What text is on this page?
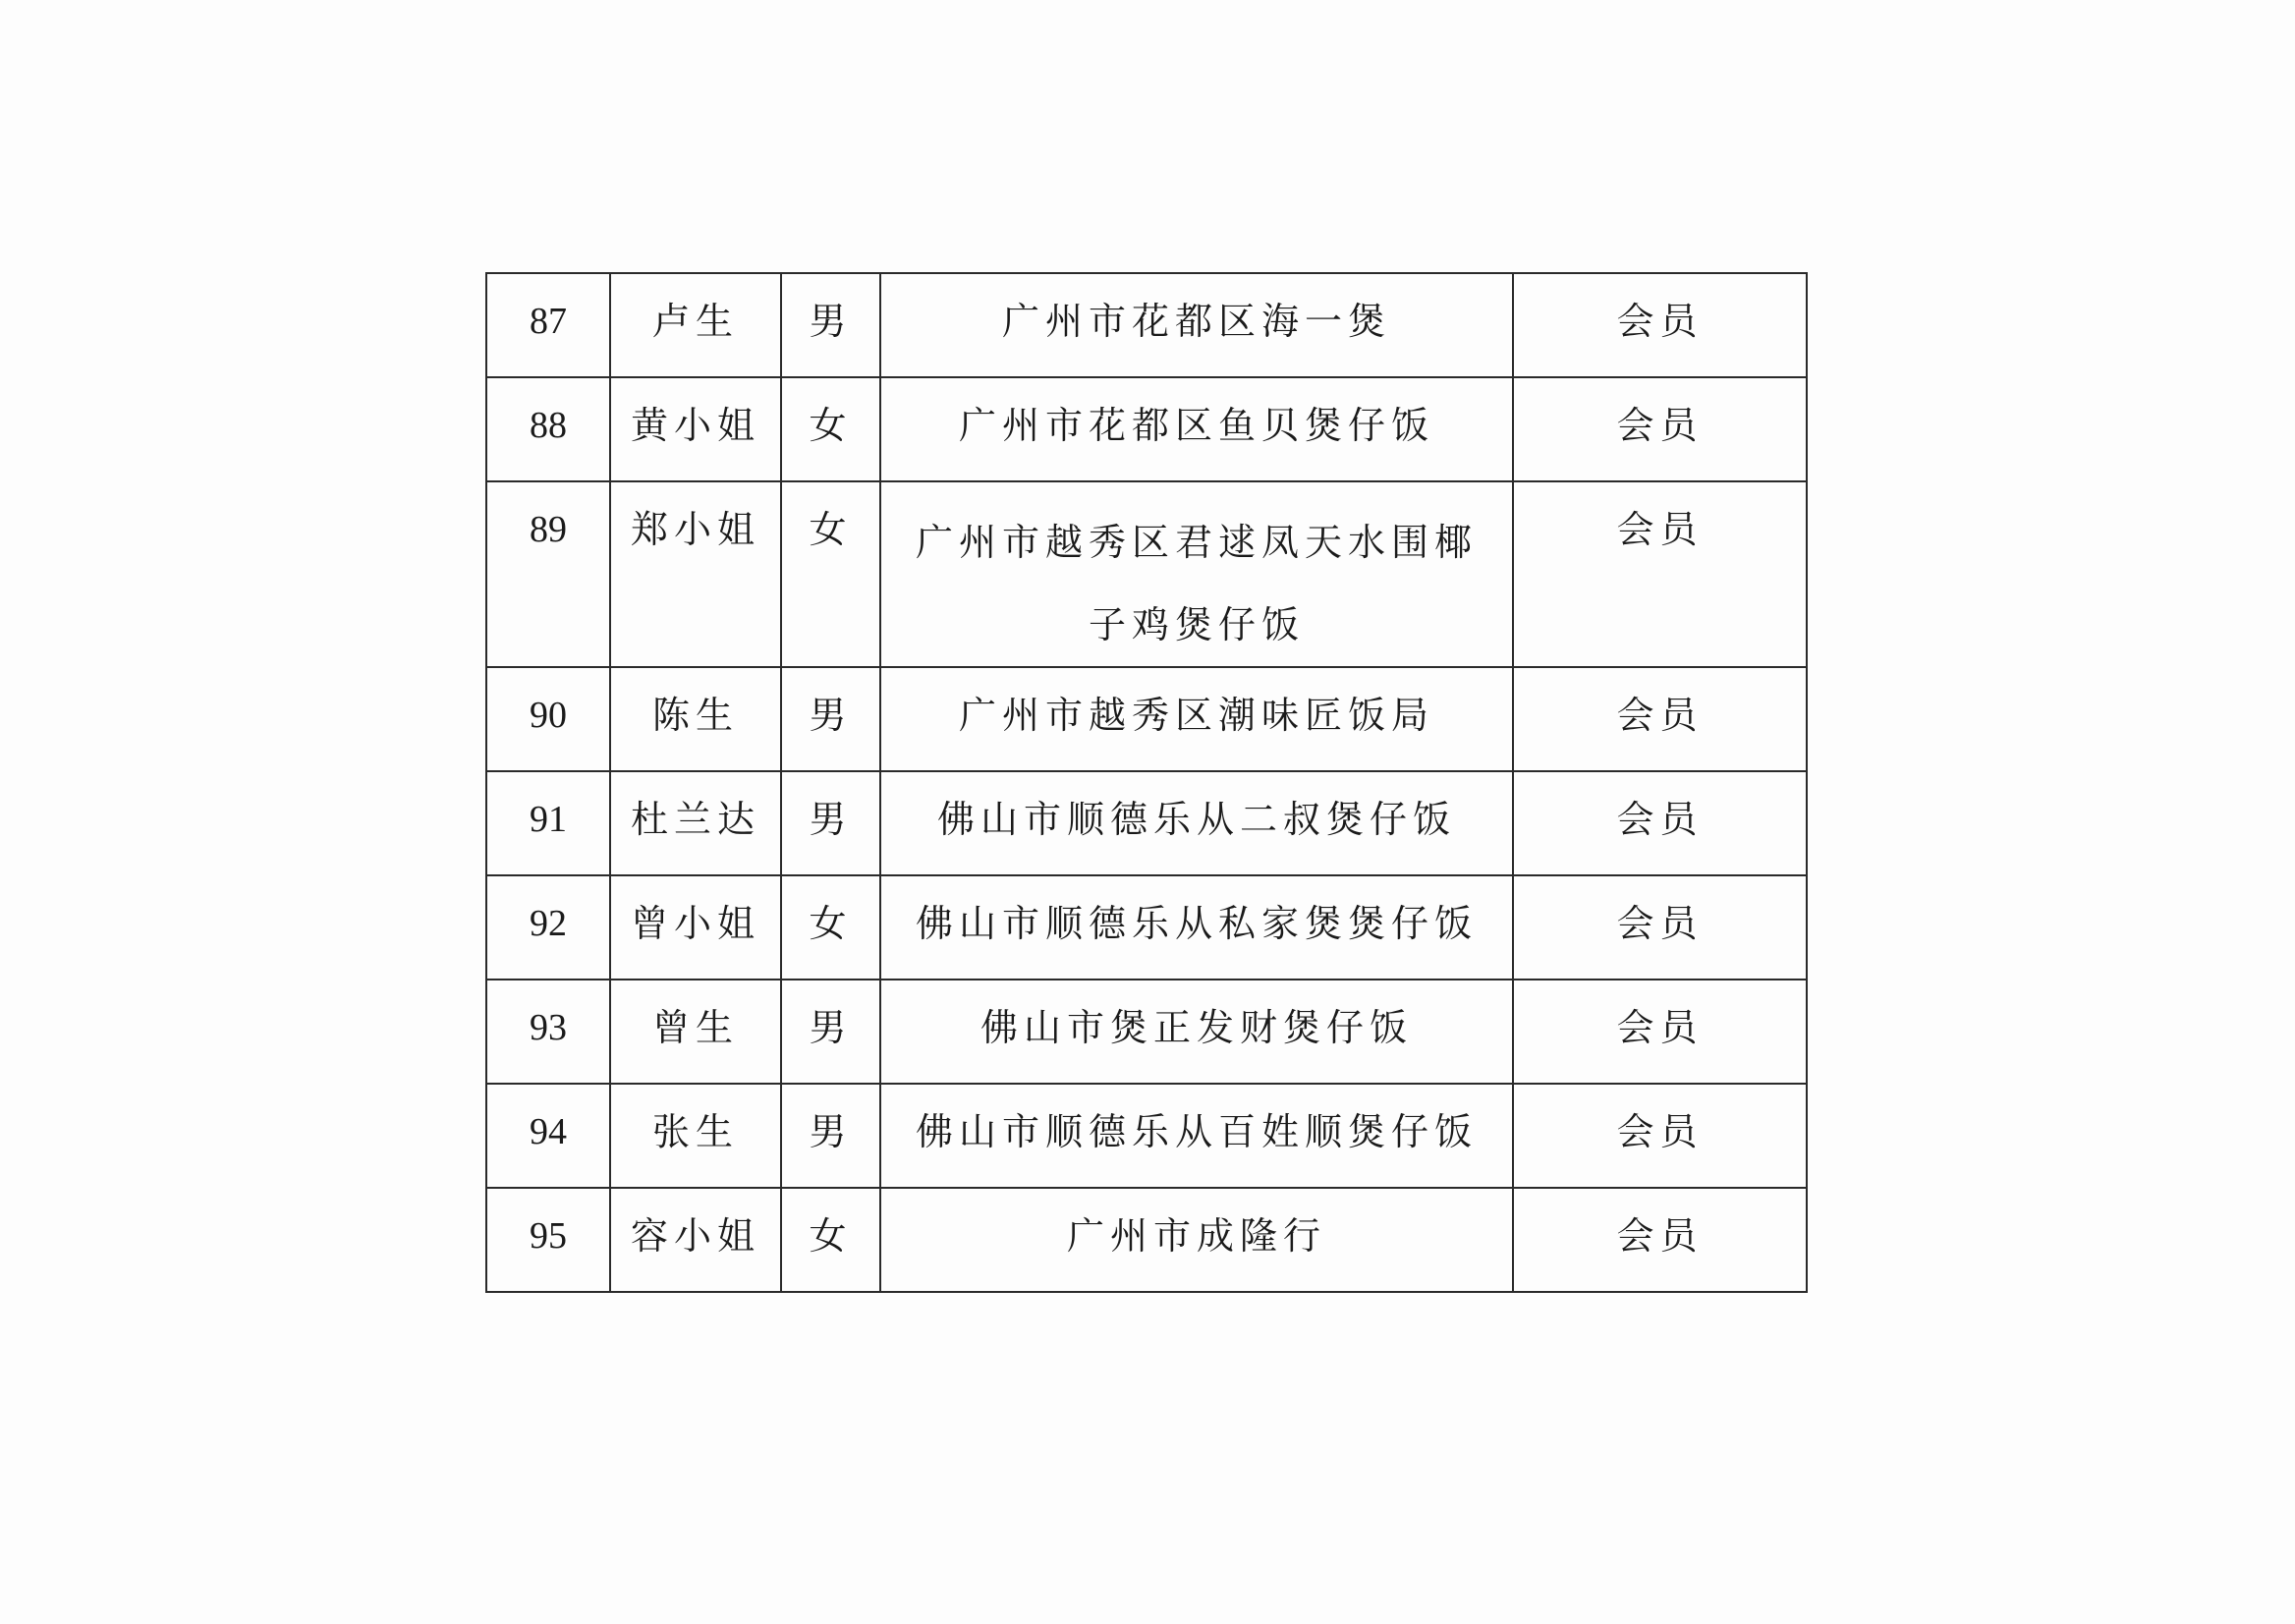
87	卢生	男	广州市花都区海一煲	会员
88	黄小姐	女	广州市花都区鱼贝煲仔饭	会员
89	郑小姐	女	广州市越秀区君逑凤天水围椰子鸡煲仔饭	会员
90	陈生	男	广州市越秀区潮味匠饭局	会员
91	杜兰达	男	佛山市顺德乐从二叔煲仔饭	会员
92	曾小姐	女	佛山市顺德乐从私家煲煲仔饭	会员
93	曾生	男	佛山市煲正发财煲仔饭	会员
94	张生	男	佛山市顺德乐从百姓顺煲仔饭	会员
95	容小姐	女	广州市成隆行	会员
